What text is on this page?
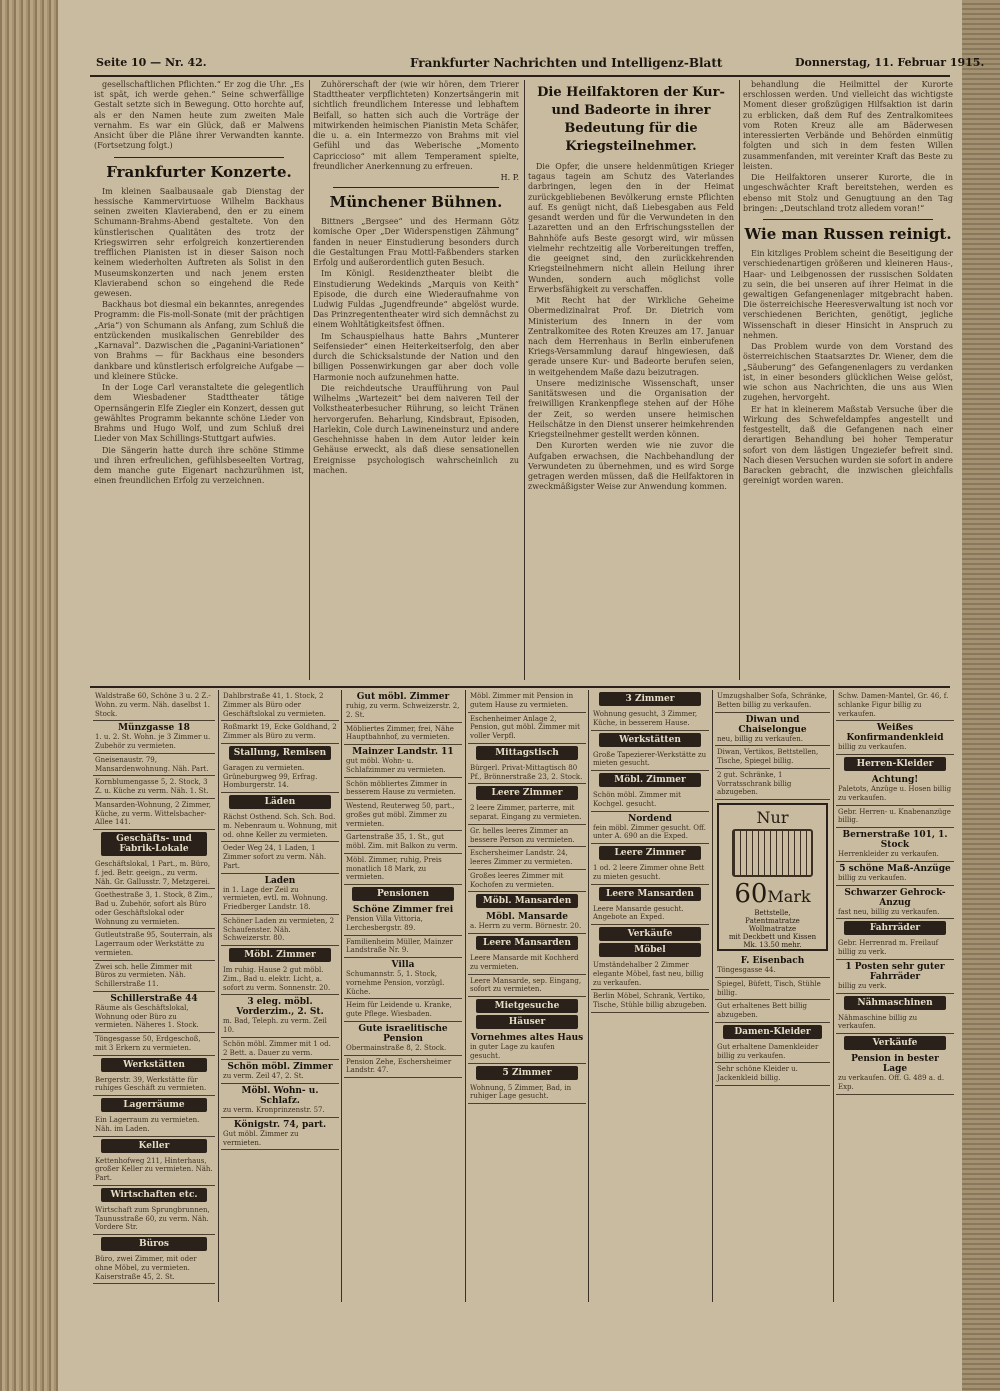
Seite 10 — Nr. 42.	Frankfurter Nachrichten und Intelligenz-Blatt	Donnerstag, 11. Februar 1915.

gesellschaftlichen Pflichten.“ Er zog die Uhr. „Es ist spät, ich werde gehen.“ Seine schwerfällige Gestalt setzte sich in Bewegung. Otto horchte auf, als er den Namen heute zum zweiten Male vernahm. Es war ein Glück, daß er Malwens Ansicht über die Pläne ihrer Verwandten kannte. (Fortsetzung folgt.)

Frankfurter Konzerte.

Im kleinen Saalbausaale gab Dienstag der hessische Kammervirtuose Wilhelm Backhaus seinen zweiten Klavierabend, den er zu einem Schumann-Brahms-Abend gestaltete. Von den künstlerischen Qualitäten des trotz der Kriegswirren sehr erfolgreich konzertierenden trefflichen Pianisten ist in dieser Saison noch keinem wiederholten Auftreten als Solist in den Museumskonzerten und nach jenem ersten Klavierabend schon so eingehend die Rede gewesen.

Backhaus bot diesmal ein bekanntes, anregendes Programm: die Fis-moll-Sonate (mit der prächtigen „Aria“) von Schumann als Anfang, zum Schluß die entzückenden musikalischen Genrebilder des „Karnaval“. Dazwischen die „Paganini-Variationen“ von Brahms — für Backhaus eine besonders dankbare und künstlerisch erfolgreiche Aufgabe — und kleinere Stücke.

In der Loge Carl veranstaltete die gelegentlich dem Wiesbadener Stadttheater tätige Opernsängerin Elfe Ziegler ein Konzert, dessen gut gewähltes Programm bekannte schöne Lieder von Brahms und Hugo Wolf, und zum Schluß drei Lieder von Max Schillings-Stuttgart aufwies.

Die Sängerin hatte durch ihre schöne Stimme und ihren erfreulichen, gefühlsbeseelten Vortrag, dem manche gute Eigenart nachzurühmen ist, einen freundlichen Erfolg zu verzeichnen.

Zuhörerschaft der (wie wir hören, dem Trierer Stadttheater verpflichteten) Konzertsängerin mit sichtlich freundlichem Interesse und lebhaftem Beifall, so hatten sich auch die Vorträge der mitwirkenden heimischen Pianistin Meta Schäfer, die u. a. ein Intermezzo von Brahms mit viel Gefühl und das Weberische „Momento Capriccioso“ mit allem Temperament spielte, freundlicher Anerkennung zu erfreuen.

H. P.
Münchener Bühnen.

Bittners „Bergsee“ und des Hermann Götz komische Oper „Der Widerspenstigen Zähmung“ fanden in neuer Einstudierung besonders durch die Gestaltungen Frau Mottl-Faßbenders starken Erfolg und außerordentlich guten Besuch.

Im Königl. Residenztheater bleibt die Einstudierung Wedekinds „Marquis von Keith“ Episode, die durch eine Wiederaufnahme von Ludwig Fuldas „Jugendfreunde“ abgelöst wurde. Das Prinzregententheater wird sich demnächst zu einem Wohltätigkeitsfest öffnen.

Im Schauspielhaus hatte Bahrs „Munterer Seifensieder“ einen Heiterkeitserfolg, den aber durch die Schicksalstunde der Nation und den billigen Possenwirkungen gar aber doch volle Harmonie noch aufzunehmen hatte.

Die reichdeutsche Uraufführung von Paul Wilhelms „Wartezeit“ bei dem naiveren Teil der Volkstheaterbesucher Rührung, so leicht Tränen hervorgerufen. Beharlung, Kindsbraut, Episoden, Harlekin, Cole durch Lawineneinsturz und andere Geschehnisse haben in dem Autor leider kein Gehäuse erweckt, als daß diese sensationellen Ereignisse psychologisch wahrscheinlich zu machen.

Die Heilfaktoren der Kur- und Badeorte in ihrer Bedeutung für die Kriegsteilnehmer.

Die Opfer, die unsere heldenmütigen Krieger tagaus tagein am Schutz des Vaterlandes darbringen, legen den in der Heimat zurückgebliebenen Bevölkerung ernste Pflichten auf. Es genügt nicht, daß Liebesgaben aus Feld gesandt werden und für die Verwundeten in den Lazaretten und an den Erfrischungsstellen der Bahnhöfe aufs Beste gesorgt wird, wir müssen vielmehr rechtzeitig alle Vorbereitungen treffen, die geeignet sind, den zurückkehrenden Kriegsteilnehmern nicht allein Heilung ihrer Wunden, sondern auch möglichst volle Erwerbsfähigkeit zu verschaffen.

Mit Recht hat der Wirkliche Geheime Obermedizinalrat Prof. Dr. Dietrich vom Ministerium des Innern in der vom Zentralkomitee des Roten Kreuzes am 17. Januar nach dem Herrenhaus in Berlin einberufenen Kriegs-Versammlung darauf hingewiesen, daß gerade unsere Kur- und Badeorte berufen seien, in weitgehendem Maße dazu beizutragen.

Unsere medizinische Wissenschaft, unser Sanitätswesen und die Organisation der freiwilligen Krankenpflege stehen auf der Höhe der Zeit, so werden unsere heimischen Heilschätze in den Dienst unserer heimkehrenden Kriegsteilnehmer gestellt werden können.

Den Kurorten werden wie nie zuvor die Aufgaben erwachsen, die Nachbehandlung der Verwundeten zu übernehmen, und es wird Sorge getragen werden müssen, daß die Heilfaktoren in zweckmäßigster Weise zur Anwendung kommen.

behandlung die Heilmittel der Kurorte erschlossen werden. Und vielleicht das wichtigste Moment dieser großzügigen Hilfsaktion ist darin zu erblicken, daß dem Ruf des Zentralkomitees vom Roten Kreuz alle am Bäderwesen interessierten Verbände und Behörden einmütig folgten und sich in dem festen Willen zusammenfanden, mit vereinter Kraft das Beste zu leisten.

Die Heilfaktoren unserer Kurorte, die in ungeschwächter Kraft bereitstehen, werden es ebenso mit Stolz und Genugtuung an den Tag bringen: „Deutschland trotz alledem voran!“

Wie man Russen reinigt.

Ein kitzliges Problem scheint die Beseitigung der verschiedenartigen größeren und kleineren Haus-, Haar- und Leibgenossen der russischen Soldaten zu sein, die bei unseren auf ihrer Heimat in die gewaltigen Gefangenenlager mitgebracht haben. Die österreichische Heeresverwaltung ist noch vor verschiedenen Berichten, genötigt, jegliche Wissenschaft in dieser Hinsicht in Anspruch zu nehmen.

Das Problem wurde von dem Vorstand des österreichischen Staatsarztes Dr. Wiener, dem die „Säuberung“ des Gefangenenlagers zu verdanken ist, in einer besonders glücklichen Weise gelöst, wie schon aus Nachrichten, die uns aus Wien zugehen, hervorgeht.

Er hat in kleinerem Maßstab Versuche über die Wirkung des Schwefeldampfes angestellt und festgestellt, daß die Gefangenen nach einer derartigen Behandlung bei hoher Temperatur sofort von dem lästigen Ungeziefer befreit sind. Nach diesen Versuchen wurden sie sofort in andere Baracken gebracht, die inzwischen gleichfalls gereinigt worden waren.

Waldstraße 60, Schöne 3 u. 2 Z.-Wohn. zu verm. Näh. daselbst 1. Stock.
Münzgasse 18
1. u. 2. St. Wohn. je 3 Zimmer u. Zubehör zu vermieten.
Gneisenaustr. 79, Mansardenwohnung. Näh. Part.
Kornblumengasse 5, 2. Stock, 3 Z. u. Küche zu verm. Näh. 1. St.
Mansarden-Wohnung, 2 Zimmer, Küche, zu verm. Wittelsbacher-Allee 141.
Geschäfts- und Fabrik-Lokale
Geschäftslokal, 1 Part., m. Büro, f. jed. Betr. geeign., zu verm. Näh. Gr. Gallusstr. 7, Metzgerei.
Goethestraße 3, 1. Stock, 8 Zim., Bad u. Zubehör, sofort als Büro oder Geschäftslokal oder Wohnung zu vermieten.
Gutleutstraße 95, Souterrain, als Lagerraum oder Werkstätte zu vermieten.
Zwei sch. helle Zimmer mit Büros zu vermieten. Näh. Schillerstraße 11.
Schillerstraße 44
Räume als Geschäftslokal, Wohnung oder Büro zu vermieten. Näheres 1. Stock.
Töngesgasse 50, Erdgeschoß, mit 3 Erkern zu vermieten.
Werkstätten
Bergerstr. 39, Werkstätte für ruhiges Geschäft zu vermieten.
Lagerräume
Ein Lagerraum zu vermieten. Näh. im Laden.
Keller
Kettenhofweg 211, Hinterhaus, großer Keller zu vermieten. Näh. Part.
Wirtschaften etc.
Wirtschaft zum Sprungbrunnen, Taunusstraße 60, zu verm. Näh. Vordere Str.
Büros
Büro, zwei Zimmer, mit oder ohne Möbel, zu vermieten. Kaiserstraße 45, 2. St.
Dahlbrstraße 41, 1. Stock, 2 Zimmer als Büro oder Geschäftslokal zu vermieten.
Roßmarkt 19, Ecke Goldhand, 2 Zimmer als Büro zu verm.
Stallung, Remisen
Garagen zu vermieten. Grüneburgweg 99, Erfrag. Homburgerstr. 14.
Läden
Rächst Osthend. Sch. Sch. Bod. m. Nebenraum u. Wohnung, mit od. ohne Keller zu vermieten.
Oeder Weg 24, 1 Laden, 1 Zimmer sofort zu verm. Näh. Part.
Laden
in 1. Lage der Zeil zu vermieten, evtl. m. Wohnung. Friedberger Landstr. 18.
Schöner Laden zu vermieten, 2 Schaufenster. Näh. Schweizerstr. 80.
Möbl. Zimmer
Im ruhig. Hause 2 gut möbl. Zim., Bad u. elektr. Licht, a. sofort zu verm. Sonnenstr. 20.
3 eleg. möbl. Vorderzim., 2. St.
m. Bad, Teleph. zu verm. Zeil 10.
Schön möbl. Zimmer mit 1 od. 2 Bett. a. Dauer zu verm.
Schön möbl. Zimmer
zu verm. Zeil 47, 2. St.
Möbl. Wohn- u. Schlafz.
zu verm. Kronprinzenstr. 57.
Königstr. 74, part.
Gut möbl. Zimmer zu vermieten.
Gut möbl. Zimmer
ruhig, zu verm. Schweizerstr. 2, 2. St.
Möbliertes Zimmer, frei, Nähe Hauptbahnhof, zu vermieten.
Mainzer Landstr. 11
gut möbl. Wohn- u. Schlafzimmer zu vermieten.
Schön möbliertes Zimmer in besserem Hause zu vermieten.
Westend, Reuterweg 50, part., großes gut möbl. Zimmer zu vermieten.
Gartenstraße 35, 1. St., gut möbl. Zim. mit Balkon zu verm.
Möbl. Zimmer, ruhig, Preis monatlich 18 Mark, zu vermieten.
Pensionen
Schöne Zimmer frei
Pension Villa Vittoria, Lerchesbergstr. 89.
Familienheim Müller, Mainzer Landstraße Nr. 9.
Villa
Schumannstr. 5, 1. Stock, vornehme Pension, vorzügl. Küche.
Heim für Leidende u. Kranke, gute Pflege. Wiesbaden.
Gute israelitische Pension
Obermainstraße 8, 2. Stock.
Pension Zehe, Eschersheimer Landstr. 47.
Möbl. Zimmer mit Pension in gutem Hause zu vermieten.
Eschenheimer Anlage 2, Pension, gut möbl. Zimmer mit voller Verpfl.
Mittagstisch
Bürgerl. Privat-Mittagtisch 80 Pf., Brönnerstraße 23, 2. Stock.
Leere Zimmer
2 leere Zimmer, parterre, mit separat. Eingang zu vermieten.
Gr. helles leeres Zimmer an bessere Person zu vermieten.
Eschersheimer Landstr. 24, leeres Zimmer zu vermieten.
Großes leeres Zimmer mit Kochofen zu vermieten.
Möbl. Mansarden
Möbl. Mansarde
a. Herrn zu verm. Börnestr. 20.
Leere Mansarden
Leere Mansarde mit Kochherd zu vermieten.
Leere Mansarde, sep. Eingang, sofort zu vermieten.
Mietgesuche
Häuser
Vornehmes altes Haus
in guter Lage zu kaufen gesucht.
5 Zimmer
Wohnung, 5 Zimmer, Bad, in ruhiger Lage gesucht.
3 Zimmer
Wohnung gesucht, 3 Zimmer, Küche, in besserem Hause.
Werkstätten
Große Tapezierer-Werkstätte zu mieten gesucht.
Möbl. Zimmer
Schön möbl. Zimmer mit Kochgel. gesucht.
Nordend
fein möbl. Zimmer gesucht. Off. unter A. 690 an die Exped.
Leere Zimmer
1 od. 2 leere Zimmer ohne Bett zu mieten gesucht.
Leere Mansarden
Leere Mansarde gesucht. Angebote an Exped.
Verkäufe
Möbel
Umständehalber 2 Zimmer elegante Möbel, fast neu, billig zu verkaufen.
Berlin Möbel, Schrank, Vertiko, Tische, Stühle billig abzugeben.
Umzugshalber Sofa, Schränke, Betten billig zu verkaufen.
Diwan und Chaiselongue
neu, billig zu verkaufen.
Diwan, Vertikos, Bettstellen, Tische, Spiegel billig.
2 gut. Schränke, 1 Vorratsschrank billig abzugeben.
Nur
60Mark
Bettstelle,
Patentmatratze
Wollmatratze
mit Deckbett und Kissen
Mk. 13.50 mehr.
F. Eisenbach
Töngesgasse 44.
Spiegel, Büfett, Tisch, Stühle billig.
Gut erhaltenes Bett billig abzugeben.
Damen-Kleider
Gut erhaltene Damenkleider billig zu verkaufen.
Sehr schöne Kleider u. Jackenkleid billig.
Schw. Damen-Mantel, Gr. 46, f. schlanke Figur billig zu verkaufen.
Weißes Konfirmandenkleid
billig zu verkaufen.
Herren-Kleider
Achtung!
Paletots, Anzüge u. Hosen billig zu verkaufen.
Gebr. Herren- u. Knabenanzüge billig.
Bernerstraße 101, 1. Stock
Herrenkleider zu verkaufen.
5 schöne Maß-Anzüge
billig zu verkaufen.
Schwarzer Gehrock-Anzug
fast neu, billig zu verkaufen.
Fahrräder
Gebr. Herrenrad m. Freilauf billig zu verk.
1 Posten sehr guter Fahrräder
billig zu verk.
Nähmaschinen
Nähmaschine billig zu verkaufen.
Verkäufe
Pension in bester Lage
zu verkaufen. Off. G. 489 a. d. Exp.
